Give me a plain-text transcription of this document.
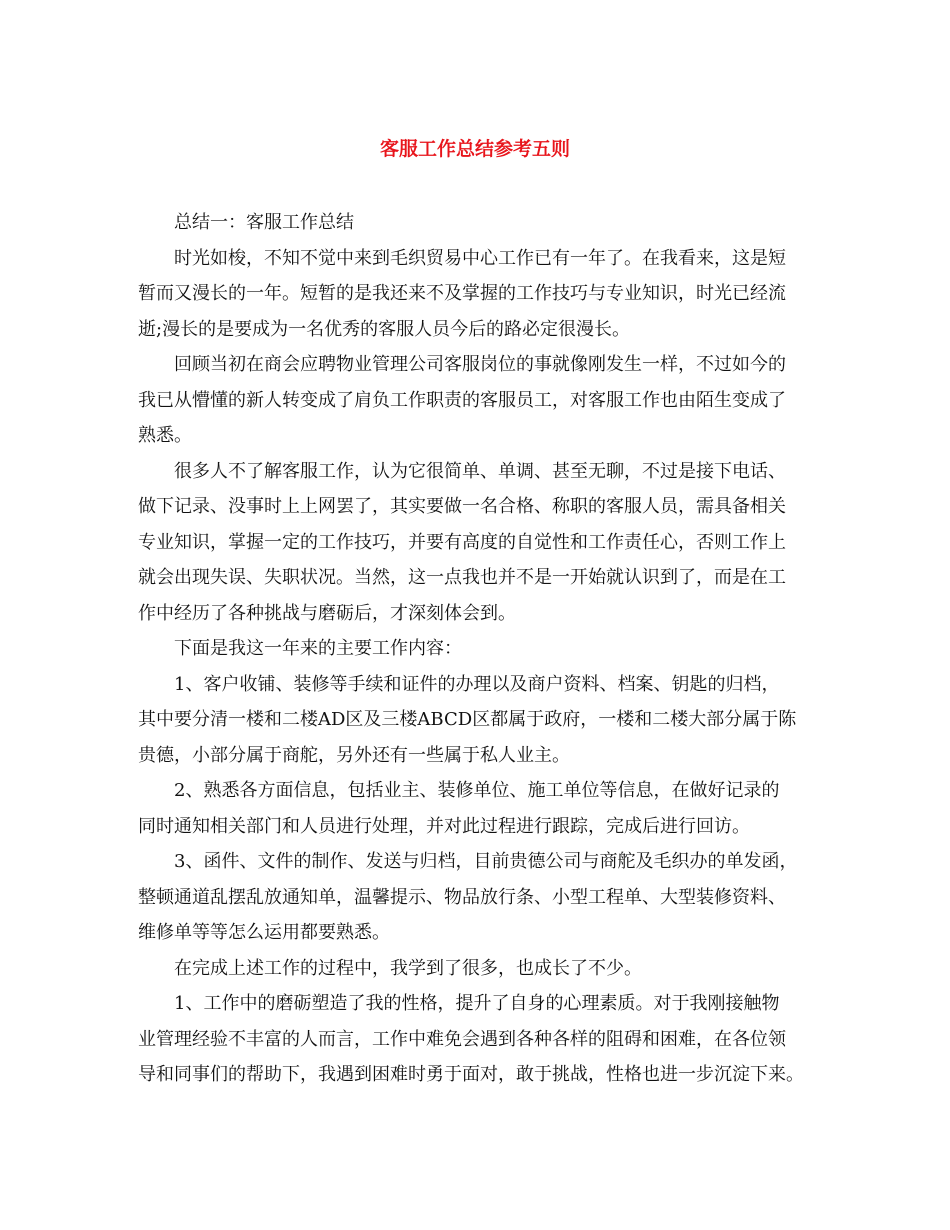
客服工作总结参考五则
总结一：客服工作总结
时光如梭，不知不觉中来到毛织贸易中心工作已有一年了。在我看来，这是短
暂而又漫长的一年。短暂的是我还来不及掌握的工作技巧与专业知识，时光已经流
逝;漫长的是要成为一名优秀的客服人员今后的路必定很漫长。
回顾当初在商会应聘物业管理公司客服岗位的事就像刚发生一样，不过如今的
我已从懵懂的新人转变成了肩负工作职责的客服员工，对客服工作也由陌生变成了
熟悉。
很多人不了解客服工作，认为它很简单、单调、甚至无聊，不过是接下电话、
做下记录、没事时上上网罢了，其实要做一名合格、称职的客服人员，需具备相关
专业知识，掌握一定的工作技巧，并要有高度的自觉性和工作责任心，否则工作上
就会出现失误、失职状况。当然，这一点我也并不是一开始就认识到了，而是在工
作中经历了各种挑战与磨砺后，才深刻体会到。
下面是我这一年来的主要工作内容：
1、客户收铺、装修等手续和证件的办理以及商户资料、档案、钥匙的归档，
其中要分清一楼和二楼AD区及三楼ABCD区都属于政府，一楼和二楼大部分属于陈
贵德，小部分属于商舵，另外还有一些属于私人业主。
2、熟悉各方面信息，包括业主、装修单位、施工单位等信息，在做好记录的
同时通知相关部门和人员进行处理，并对此过程进行跟踪，完成后进行回访。
3、函件、文件的制作、发送与归档，目前贵德公司与商舵及毛织办的单发函，
整顿通道乱摆乱放通知单，温馨提示、物品放行条、小型工程单、大型装修资料、
维修单等等怎么运用都要熟悉。
在完成上述工作的过程中，我学到了很多，也成长了不少。
1、工作中的磨砺塑造了我的性格，提升了自身的心理素质。对于我刚接触物
业管理经验不丰富的人而言，工作中难免会遇到各种各样的阻碍和困难，在各位领
导和同事们的帮助下，我遇到困难时勇于面对，敢于挑战，性格也进一步沉淀下来。
